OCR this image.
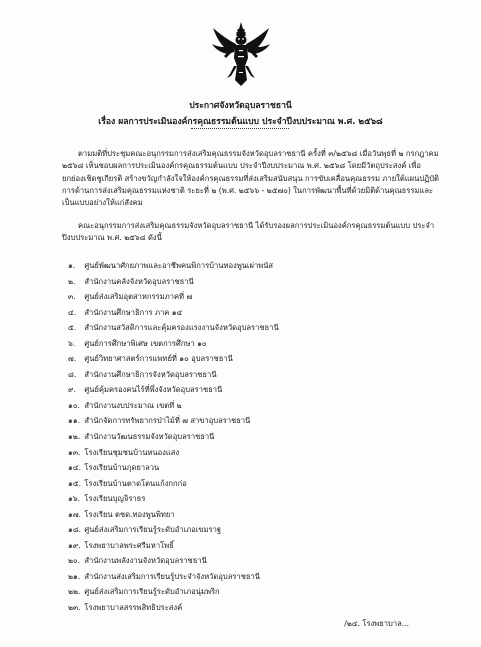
ประกาศจังหวัดอุบลราชธานี
เรื่อง ผลการประเมินองค์กรคุณธรรมต้นแบบ ประจำปีงบประมาณ พ.ศ. ๒๕๖๘
ตามมติที่ประชุมคณะอนุกรรมการส่งเสริมคุณธรรมจังหวัดอุบลราชธานี ครั้งที่ ๓/๒๕๖๘ เมื่อวันพุธที่ ๒ กรกฎาคม ๒๕๖๘ เห็นชอบผลการประเมินองค์กรคุณธรรมต้นแบบ ประจำปีงบประมาณ พ.ศ. ๒๕๖๘ โดยมีวัตถุประสงค์ เพื่อยกย่องเชิดชูเกียรติ สร้างขวัญกำลังใจให้องค์กรคุณธรรมที่ส่งเสริมสนับสนุน การขับเคลื่อนคุณธรรม ภายใต้แผนปฏิบัติการด้านการส่งเสริมคุณธรรมแห่งชาติ ระยะที่ ๒ (พ.ศ. ๒๕๖๖ - ๒๕๗๐) ในการพัฒนาพื้นที่ด้วยมิติด้านคุณธรรมและเป็นแบบอย่างให้แก่สังคม
คณะอนุกรรมการส่งเสริมคุณธรรมจังหวัดอุบลราชธานี ได้รับรองผลการประเมินองค์กรคุณธรรมต้นแบบ ประจำปีงบประมาณ พ.ศ. ๒๕๖๘ ดังนี้
๑. ศูนย์พัฒนาศักยภาพและอาชีพคนพิการบ้านทองพูนเผ่าพนัส
๒. สำนักงานคลังจังหวัดอุบลราชธานี
๓. ศูนย์ส่งเสริมอุตสาหกรรมภาคที่ ๗
๔. สำนักงานศึกษาธิการ ภาค ๑๔
๕. สำนักงานสวัสดิการและคุ้มครองแรงงานจังหวัดอุบลราชธานี
๖. ศูนย์การศึกษาพิเศษ เขตการศึกษา ๑๐
๗. ศูนย์วิทยาศาสตร์การแพทย์ที่ ๑๐ อุบลราชธานี
๘. สำนักงานศึกษาธิการจังหวัดอุบลราชธานี
๙. ศูนย์คุ้มครองคนไร้ที่พึ่งจังหวัดอุบลราชธานี
๑๐. สำนักงานงบประมาณ เขตที่ ๒
๑๑. สำนักจัดการทรัพยากรป่าไม้ที่ ๗ สาขาอุบลราชธานี
๑๒. สำนักงานวัฒนธรรมจังหวัดอุบลราชธานี
๑๓. โรงเรียนชุมชนบ้านหนองแสง
๑๔. โรงเรียนบ้านกุดยาลวน
๑๕. โรงเรียนบ้านตาดโตนแก้งกกก่อ
๑๖. โรงเรียนบุญจิราธร
๑๗. โรงเรียน ตชด.ทองพูนพิทยา
๑๘. ศูนย์ส่งเสริมการเรียนรู้ระดับอำเภอเขมราฐ
๑๙. โรงพยาบาลพระศรีมหาโพธิ์
๒๐. สำนักงานพลังงานจังหวัดอุบลราชธานี
๒๑. สำนักงานส่งเสริมการเรียนรู้ประจำจังหวัดอุบลราชธานี
๒๒. ศูนย์ส่งเสริมการเรียนรู้ระดับอำเภอนุ่มพริก
๒๓. โรงพยาบาลสรรพสิทธิประสงค์
/๒๔. โรงพยาบาล...
